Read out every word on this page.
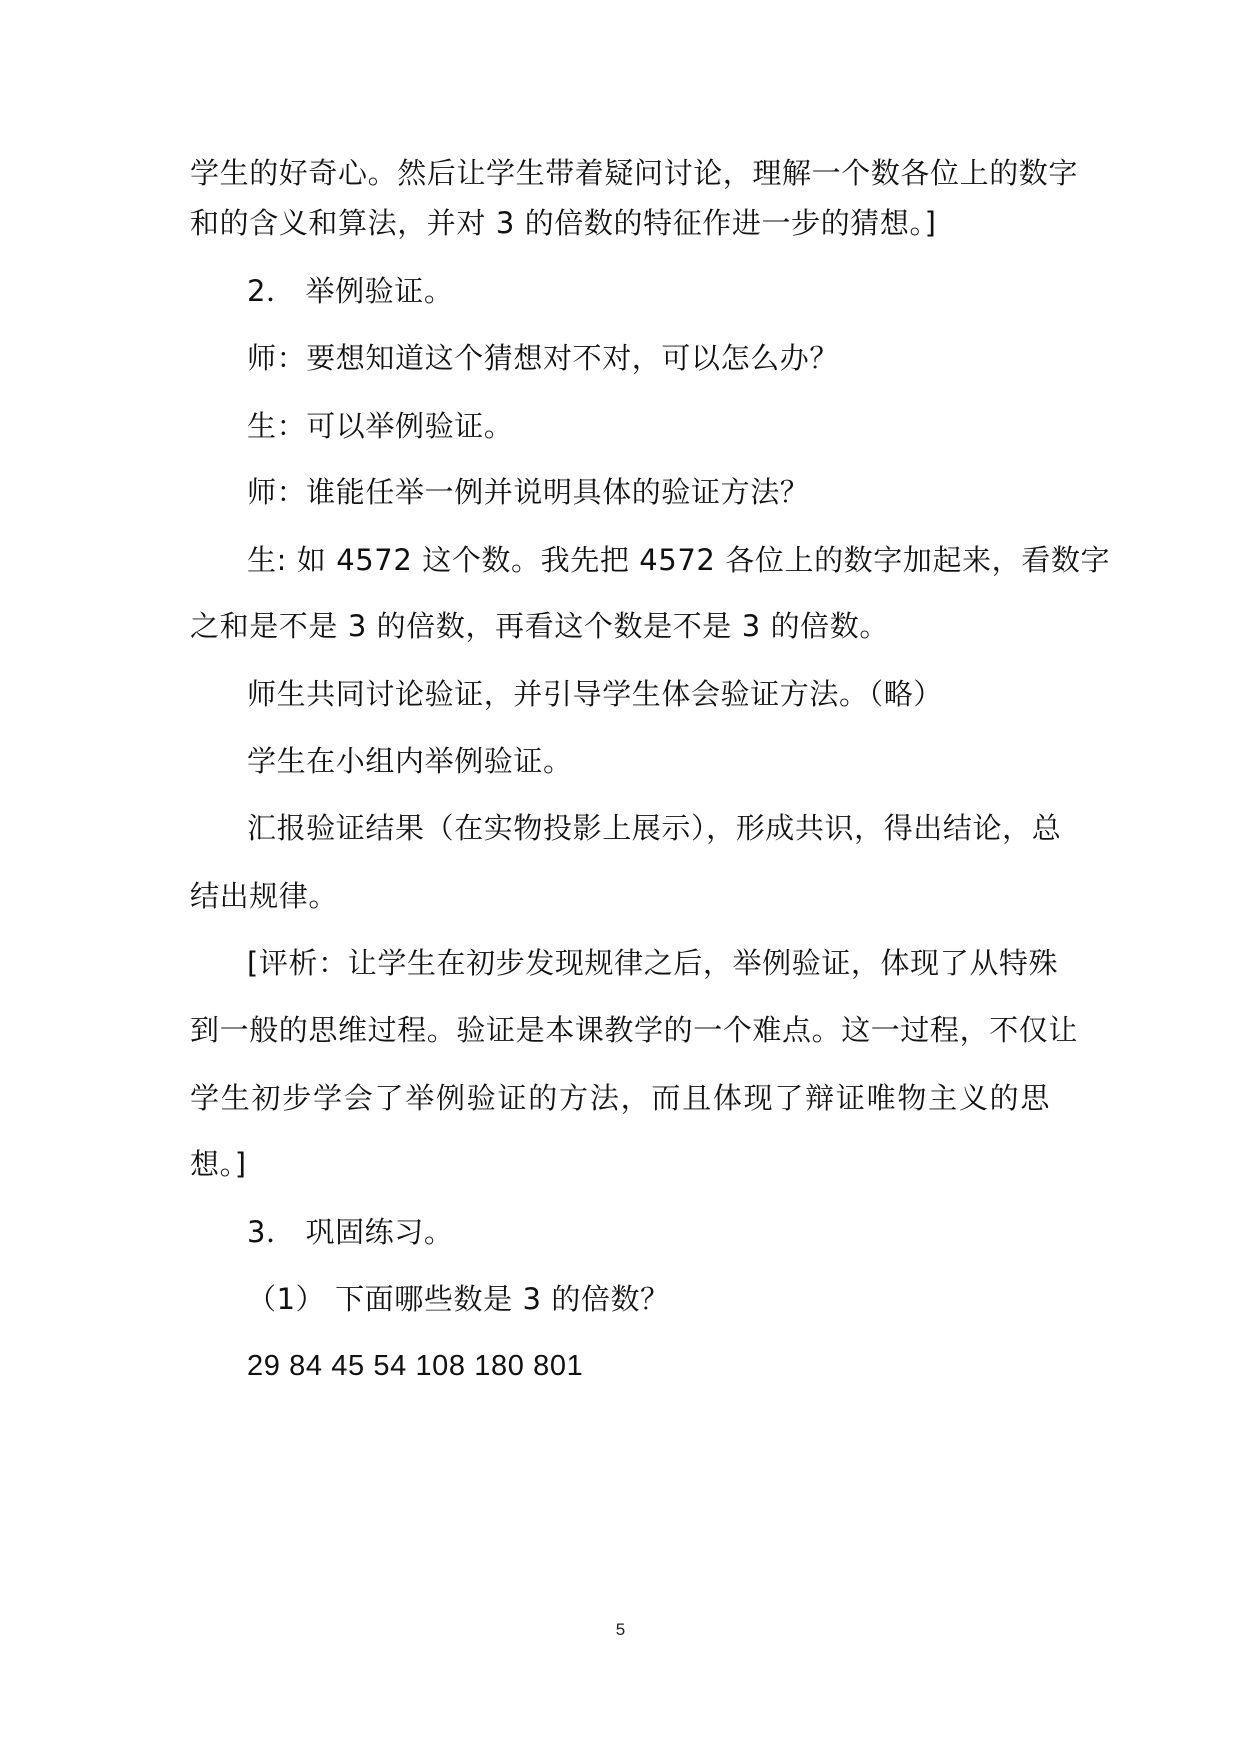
学生的好奇心。然后让学生带着疑问讨论，理解一个数各位上的数字
和的含义和算法，并对 3 的倍数的特征作进一步的猜想。]
2． 举例验证。
师：要想知道这个猜想对不对，可以怎么办？
生：可以举例验证。
师：谁能任举一例并说明具体的验证方法？
生: 如 4572 这个数。我先把 4572 各位上的数字加起来，看数字
之和是不是 3 的倍数，再看这个数是不是 3 的倍数。
师生共同讨论验证，并引导学生体会验证方法。（略）
学生在小组内举例验证。
汇报验证结果（在实物投影上展示），形成共识，得出结论，总
结出规律。
[评析：让学生在初步发现规律之后，举例验证，体现了从特殊
到一般的思维过程。验证是本课教学的一个难点。这一过程，不仅让
学生初步学会了举例验证的方法，而且体现了辩证唯物主义的思
想。]
3． 巩固练习。
（1） 下面哪些数是 3 的倍数？
29 84 45 54 108 180 801
5
